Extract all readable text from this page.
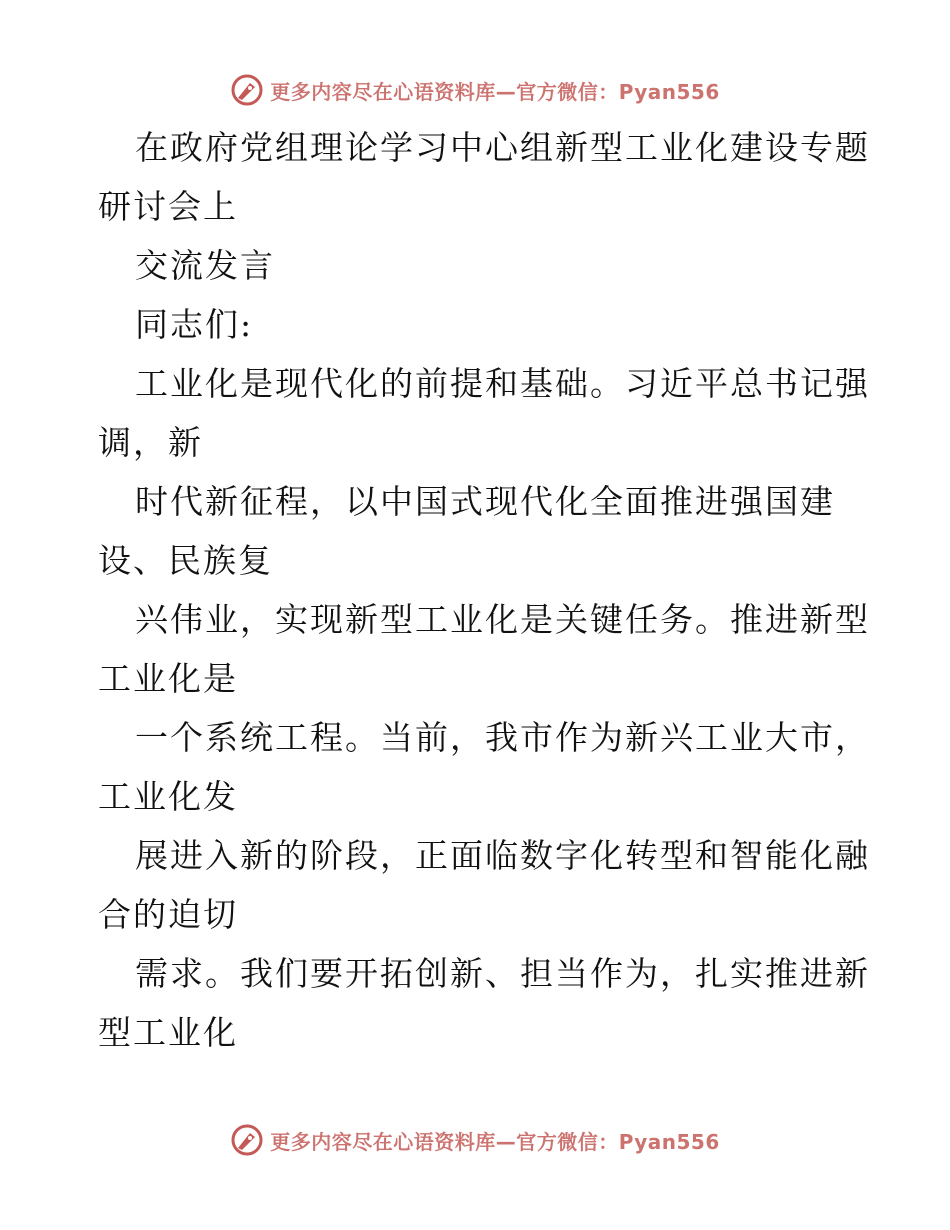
更多内容尽在心语资料库—官方微信：Pyan556

在政府党组理论学习中心组新型工业化建设专题

研讨会上

交流发言

同志们:

工业化是现代化的前提和基础。习近平总书记强

调，新

时代新征程，以中国式现代化全面推进强国建

设、民族复

兴伟业，实现新型工业化是关键任务。推进新型

工业化是

一个系统工程。当前，我市作为新兴工业大市，

工业化发

展进入新的阶段，正面临数字化转型和智能化融

合的迫切

需求。我们要开拓创新、担当作为，扎实推进新

型工业化

更多内容尽在心语资料库—官方微信：Pyan556
